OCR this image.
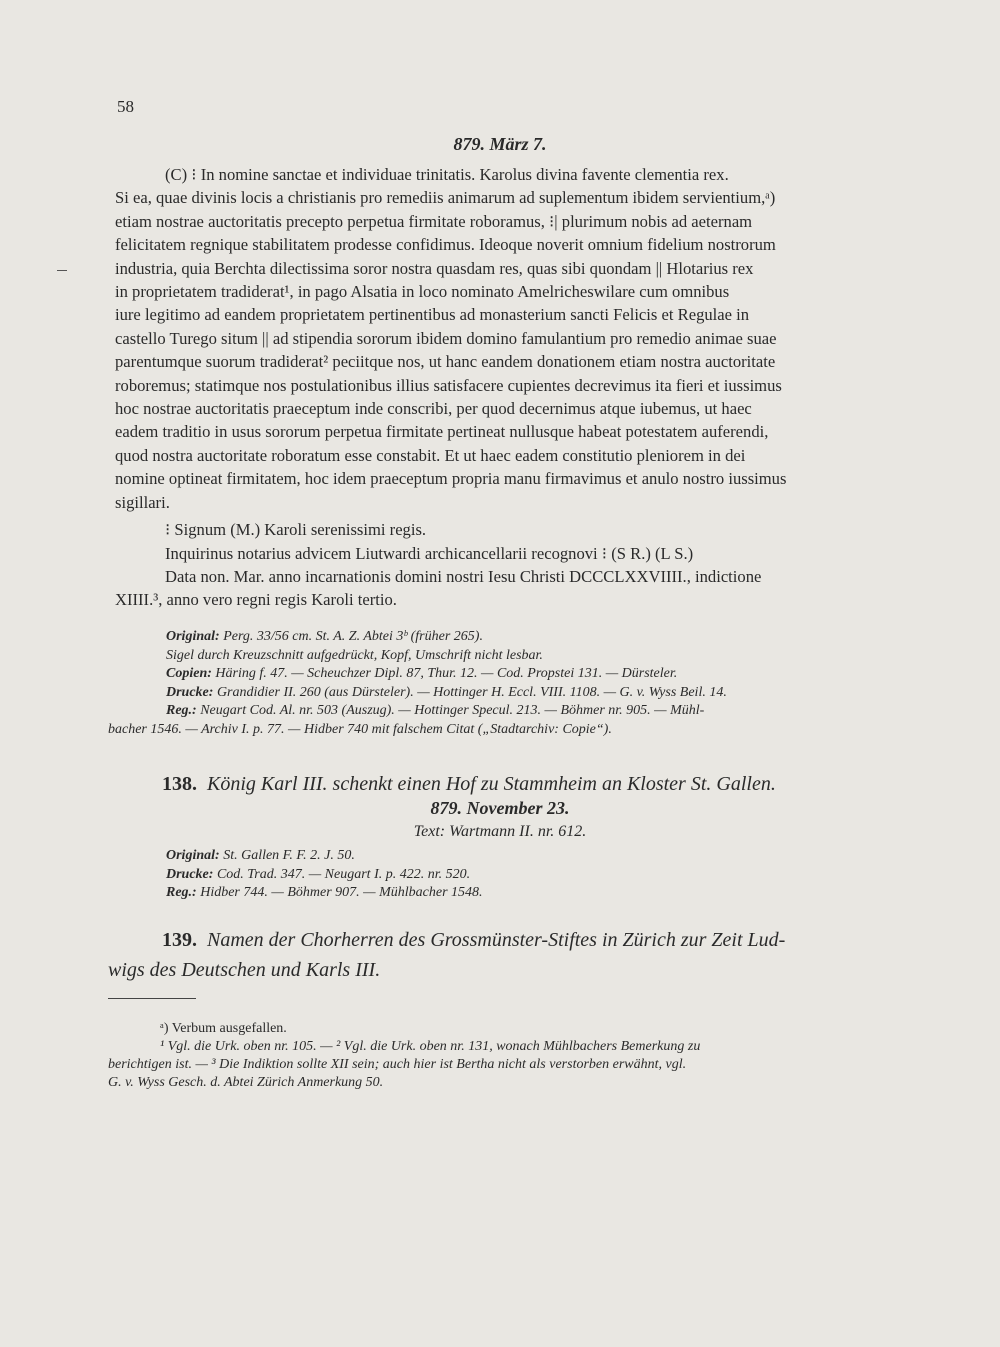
58
879. März 7.

(C) ⁝ In nomine sanctae et individuae trinitatis. Karolus divina favente clementia rex.

Si ea, quae divinis locis a christianis pro remediis animarum ad suplementum ibidem servientium,ᵃ)

etiam nostrae auctoritatis precepto perpetua firmitate roboramus, ⁝| plurimum nobis ad aeternam

felicitatem regnique stabilitatem prodesse confidimus. Ideoque noverit omnium fidelium nostrorum

industria, quia Berchta dilectissima soror nostra quasdam res, quas sibi quondam || Hlotarius rex

in proprietatem tradiderat¹, in pago Alsatia in loco nominato Amelricheswilare cum omnibus

iure legitimo ad eandem proprietatem pertinentibus ad monasterium sancti Felicis et Regulae in

castello Turego situm || ad stipendia sororum ibidem domino famulantium pro remedio animae suae

parentumque suorum tradiderat² peciitque nos, ut hanc eandem donationem etiam nostra auctoritate

roboremus; statimque nos postulationibus illius satisfacere cupientes decrevimus ita fieri et iussimus

hoc nostrae auctoritatis praeceptum inde conscribi, per quod decernimus atque iubemus, ut haec

eadem traditio in usus sororum perpetua firmitate pertineat nullusque habeat potestatem auferendi,

quod nostra auctoritate roboratum esse constabit. Et ut haec eadem constitutio pleniorem in dei

nomine optineat firmitatem, hoc idem praeceptum propria manu firmavimus et anulo nostro iussimus

sigillari.

⁝ Signum (M.) Karoli serenissimi regis.

Inquirinus notarius advicem Liutwardi archicancellarii recognovi ⁝ (S R.) (L S.)

Data non. Mar. anno incarnationis domini nostri Iesu Christi DCCCLXXVIIII., indictione

XIIII.³, anno vero regni regis Karoli tertio.

Original: Perg. 33/56 cm. St. A. Z. Abtei 3ᵇ (früher 265).

Sigel durch Kreuzschnitt aufgedrückt, Kopf, Umschrift nicht lesbar.

Copien: Häring f. 47. — Scheuchzer Dipl. 87, Thur. 12. — Cod. Propstei 131. — Dürsteler.

Drucke: Grandidier II. 260 (aus Dürsteler). — Hottinger H. Eccl. VIII. 1108. — G. v. Wyss Beil. 14.

Reg.: Neugart Cod. Al. nr. 503 (Auszug). — Hottinger Specul. 213. — Böhmer nr. 905. — Mühl-

bacher 1546. — Archiv I. p. 77. — Hidber 740 mit falschem Citat („Stadtarchiv: Copie“).

138. König Karl III. schenkt einen Hof zu Stammheim an Kloster St. Gallen.
879. November 23.
Text: Wartmann II. nr. 612.

Original: St. Gallen F. F. 2. J. 50.

Drucke: Cod. Trad. 347. — Neugart I. p. 422. nr. 520.

Reg.: Hidber 744. — Böhmer 907. — Mühlbacher 1548.

139. Namen der Chorherren des Grossmünster-Stiftes in Zürich zur Zeit Lud-
wigs des Deutschen und Karls III.

ᵃ) Verbum ausgefallen.

¹ Vgl. die Urk. oben nr. 105. — ² Vgl. die Urk. oben nr. 131, wonach Mühlbachers Bemerkung zu

berichtigen ist. — ³ Die Indiktion sollte XII sein; auch hier ist Bertha nicht als verstorben erwähnt, vgl.

G. v. Wyss Gesch. d. Abtei Zürich Anmerkung 50.
